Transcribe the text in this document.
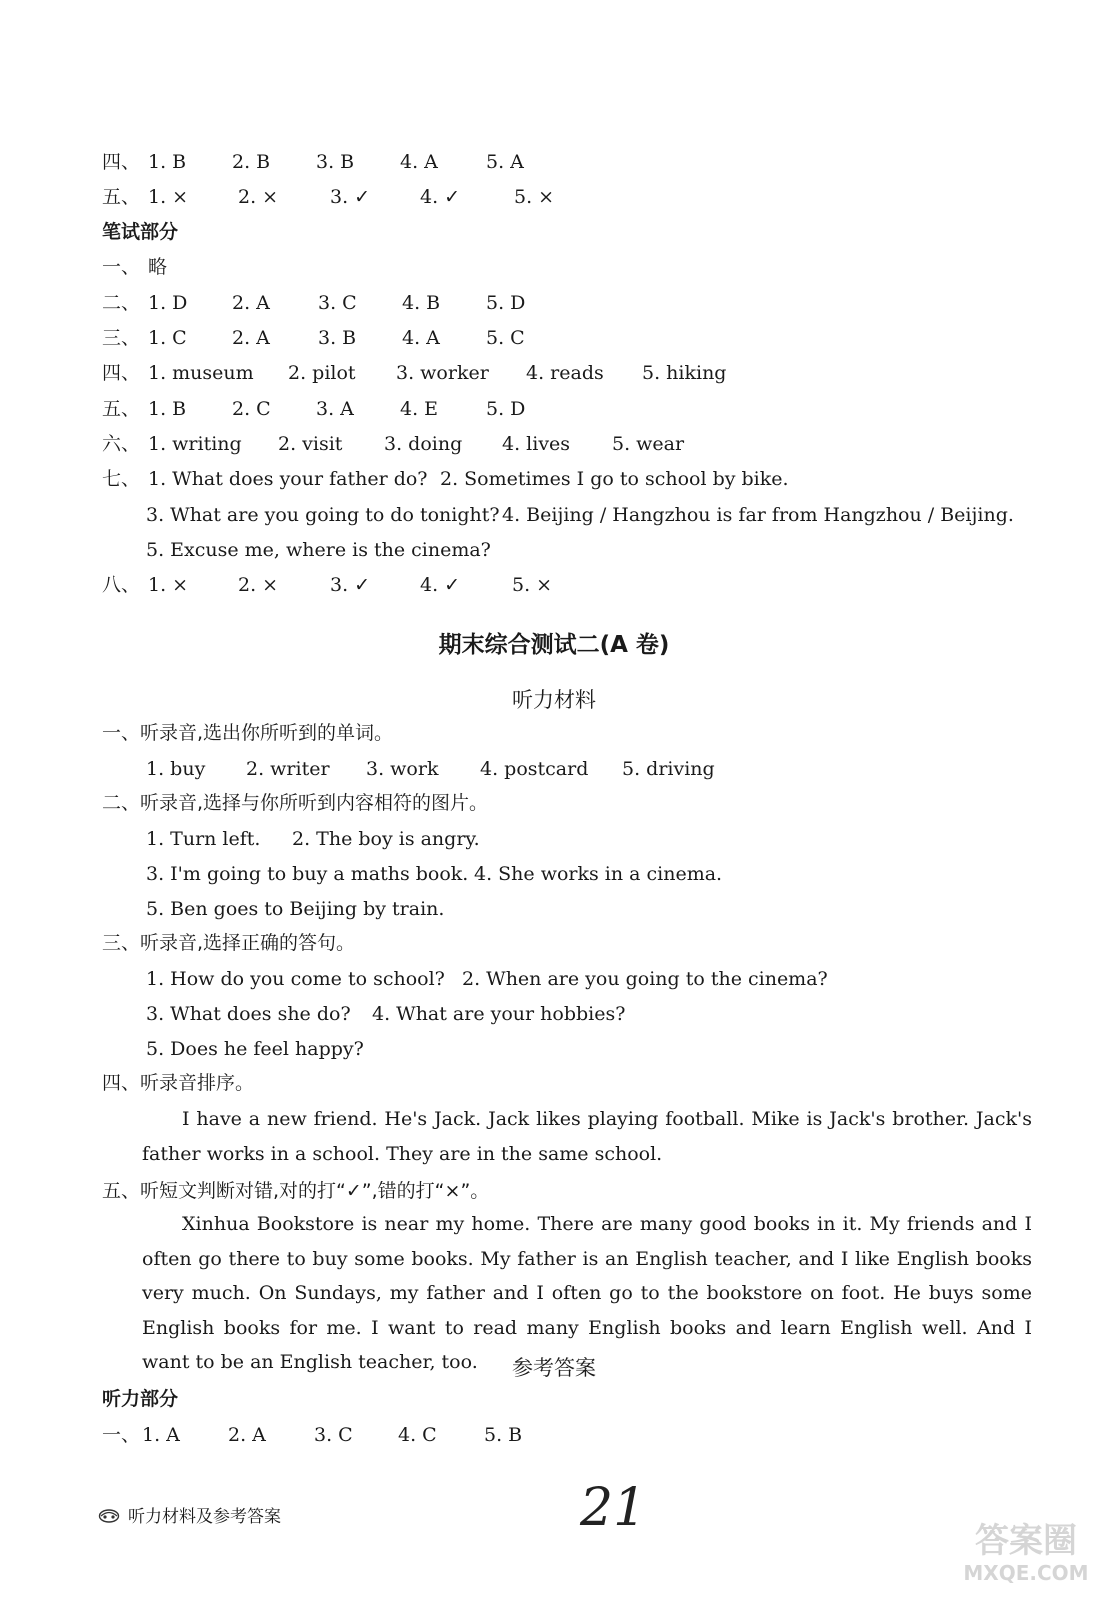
四、 1. B 2. B 3. B 4. A	5. A
五、 1. ×	2. ×	3. ✓	4. ✓	5. ×
笔试部分
一、 略
二、 1. D 2. A	3. C 4. B 5. D
三、 1. C 2. A	3. B 4. A 5. C
四、 1. museum 2. pilot 3. worker 4. reads 5. hiking
五、 1. B 2. C 3. A 4. E	5. D
六、 1. writing 2. visit 3. doing 4. lives 5. wear
七、 1. What does your father do? 2. Sometimes I go to school by bike.
3. What are you going to do tonight? 4. Beijing / Hangzhou is far from Hangzhou / Beijing.
5. Excuse me, where is the cinema?
八、 1. ×	2. ×	3. ✓	4. ✓	5. ×
期末综合测试二(A 卷)
听力材料
一、听录音,选出你所听到的单词。
1. buy 2. writer 3. work 4. postcard 5. driving
二、听录音,选择与你所听到内容相符的图片。
1. Turn left. 2. The boy is angry.
3. I'm going to buy a maths book. 4. She works in a cinema.
5. Ben goes to Beijing by train.
三、听录音,选择正确的答句。
1. How do you come to school? 2. When are you going to the cinema?
3. What does she do? 4. What are your hobbies?
5. Does he feel happy?
四、听录音排序。
I have a new friend. He's Jack. Jack likes playing football. Mike is Jack's brother. Jack's father works in a school. They are in the same school.
五、听短文判断对错,对的打“✓”,错的打“×”。
Xinhua Bookstore is near my home. There are many good books in it. My friends and I often go there to buy some books. My father is an English teacher, and I like English books very much. On Sundays, my father and I often go to the bookstore on foot. He buys some English books for me. I want to read many English books and learn English well. And I want to be an English teacher, too.	参考答案
听力部分
一、 1. A	2. A	3. C 4. C 5. B
听力材料及参考答案	21
答案圈
MXQE.COM
